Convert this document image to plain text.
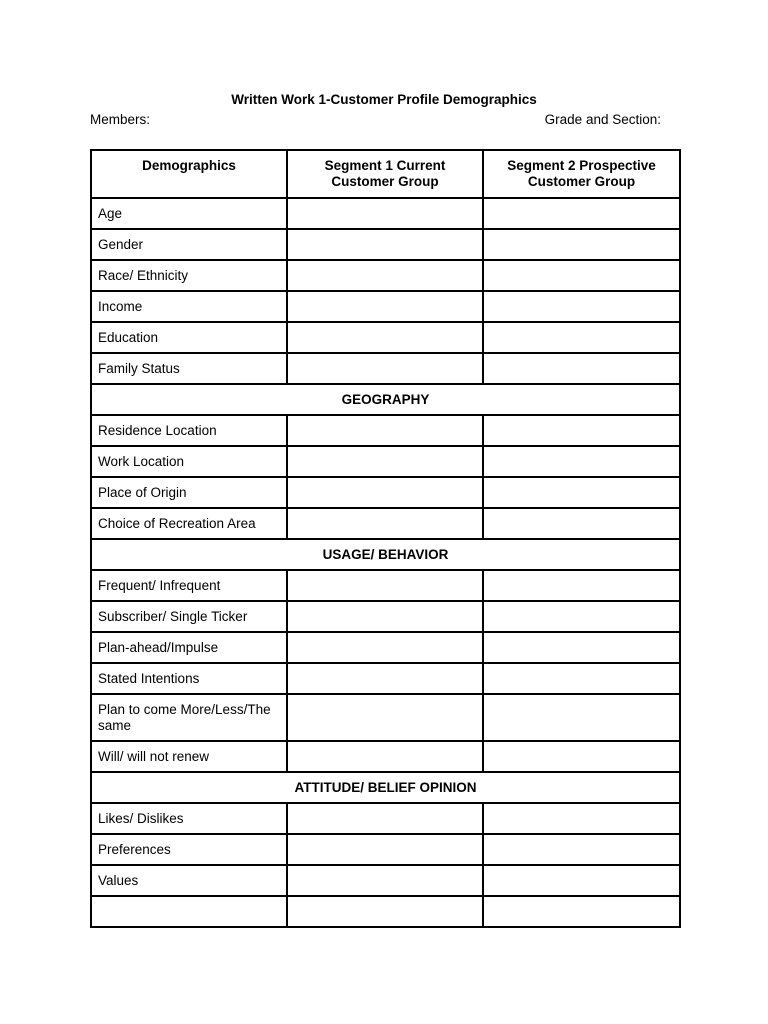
Written Work 1-Customer Profile Demographics
Members:	Grade and Section:
Demographics	Segment 1 Current Customer Group	Segment 2 Prospective Customer Group
Age		
Gender		
Race/ Ethnicity		
Income		
Education		
Family Status		
GEOGRAPHY		
Residence Location		
Work Location		
Place of Origin		
Choice of Recreation Area		
USAGE/ BEHAVIOR		
Frequent/ Infrequent		
Subscriber/ Single Ticker		
Plan-ahead/Impulse		
Stated Intentions		
Plan to come More/Less/The same		
Will/ will not renew		
ATTITUDE/ BELIEF OPINION		
Likes/ Dislikes		
Preferences		
Values		
